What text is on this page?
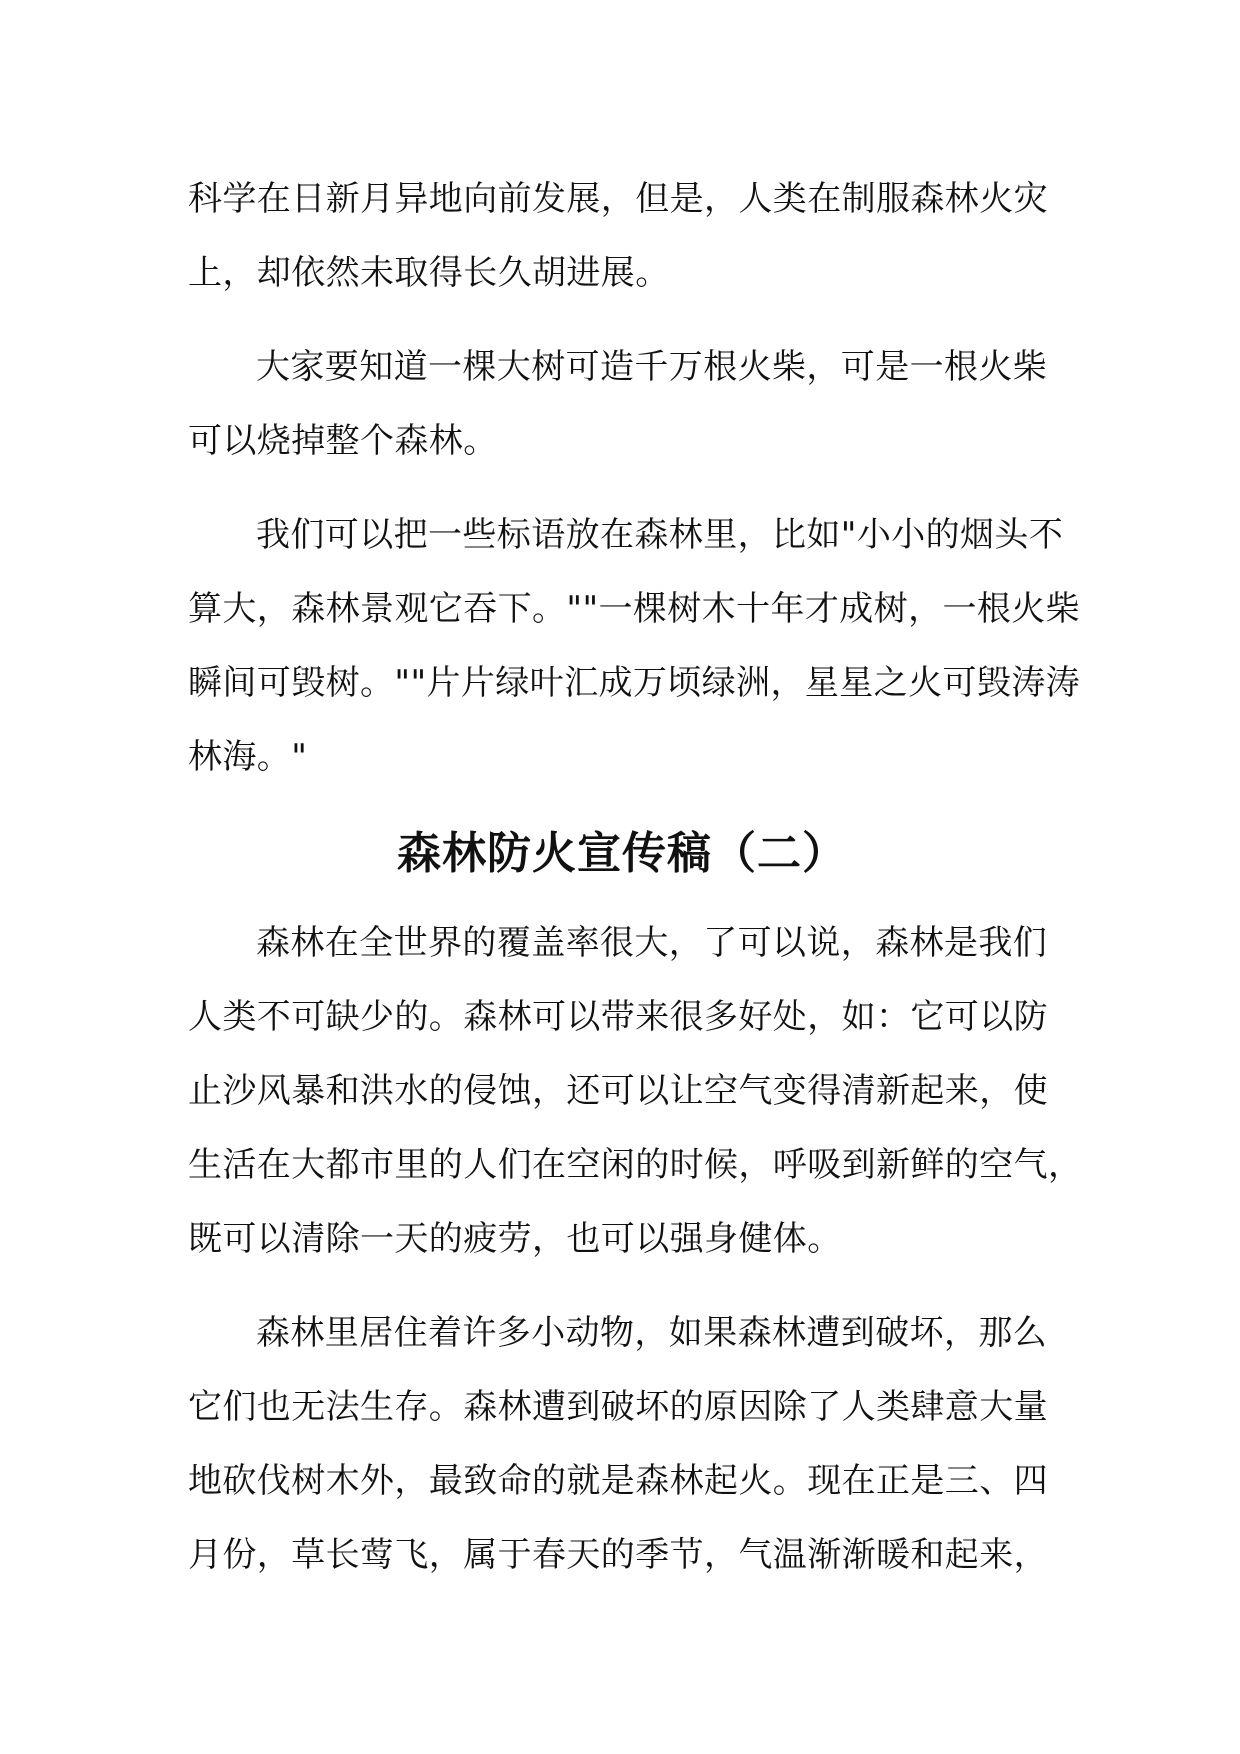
科学在日新月异地向前发展，但是，人类在制服森林火灾
上，却依然未取得长久胡进展。

大家要知道一棵大树可造千万根火柴，可是一根火柴
可以烧掉整个森林。

我们可以把一些标语放在森林里，比如"小小的烟头不
算大，森林景观它吞下。""一棵树木十年才成树，一根火柴
瞬间可毁树。""片片绿叶汇成万顷绿洲，星星之火可毁涛涛
林海。"

森林防火宣传稿（二）

森林在全世界的覆盖率很大，了可以说，森林是我们
人类不可缺少的。森林可以带来很多好处，如：它可以防
止沙风暴和洪水的侵蚀，还可以让空气变得清新起来，使
生活在大都市里的人们在空闲的时候，呼吸到新鲜的空气，
既可以清除一天的疲劳，也可以强身健体。

森林里居住着许多小动物，如果森林遭到破坏，那么
它们也无法生存。森林遭到破坏的原因除了人类肆意大量
地砍伐树木外，最致命的就是森林起火。现在正是三、四
月份，草长莺飞，属于春天的季节，气温渐渐暖和起来，
